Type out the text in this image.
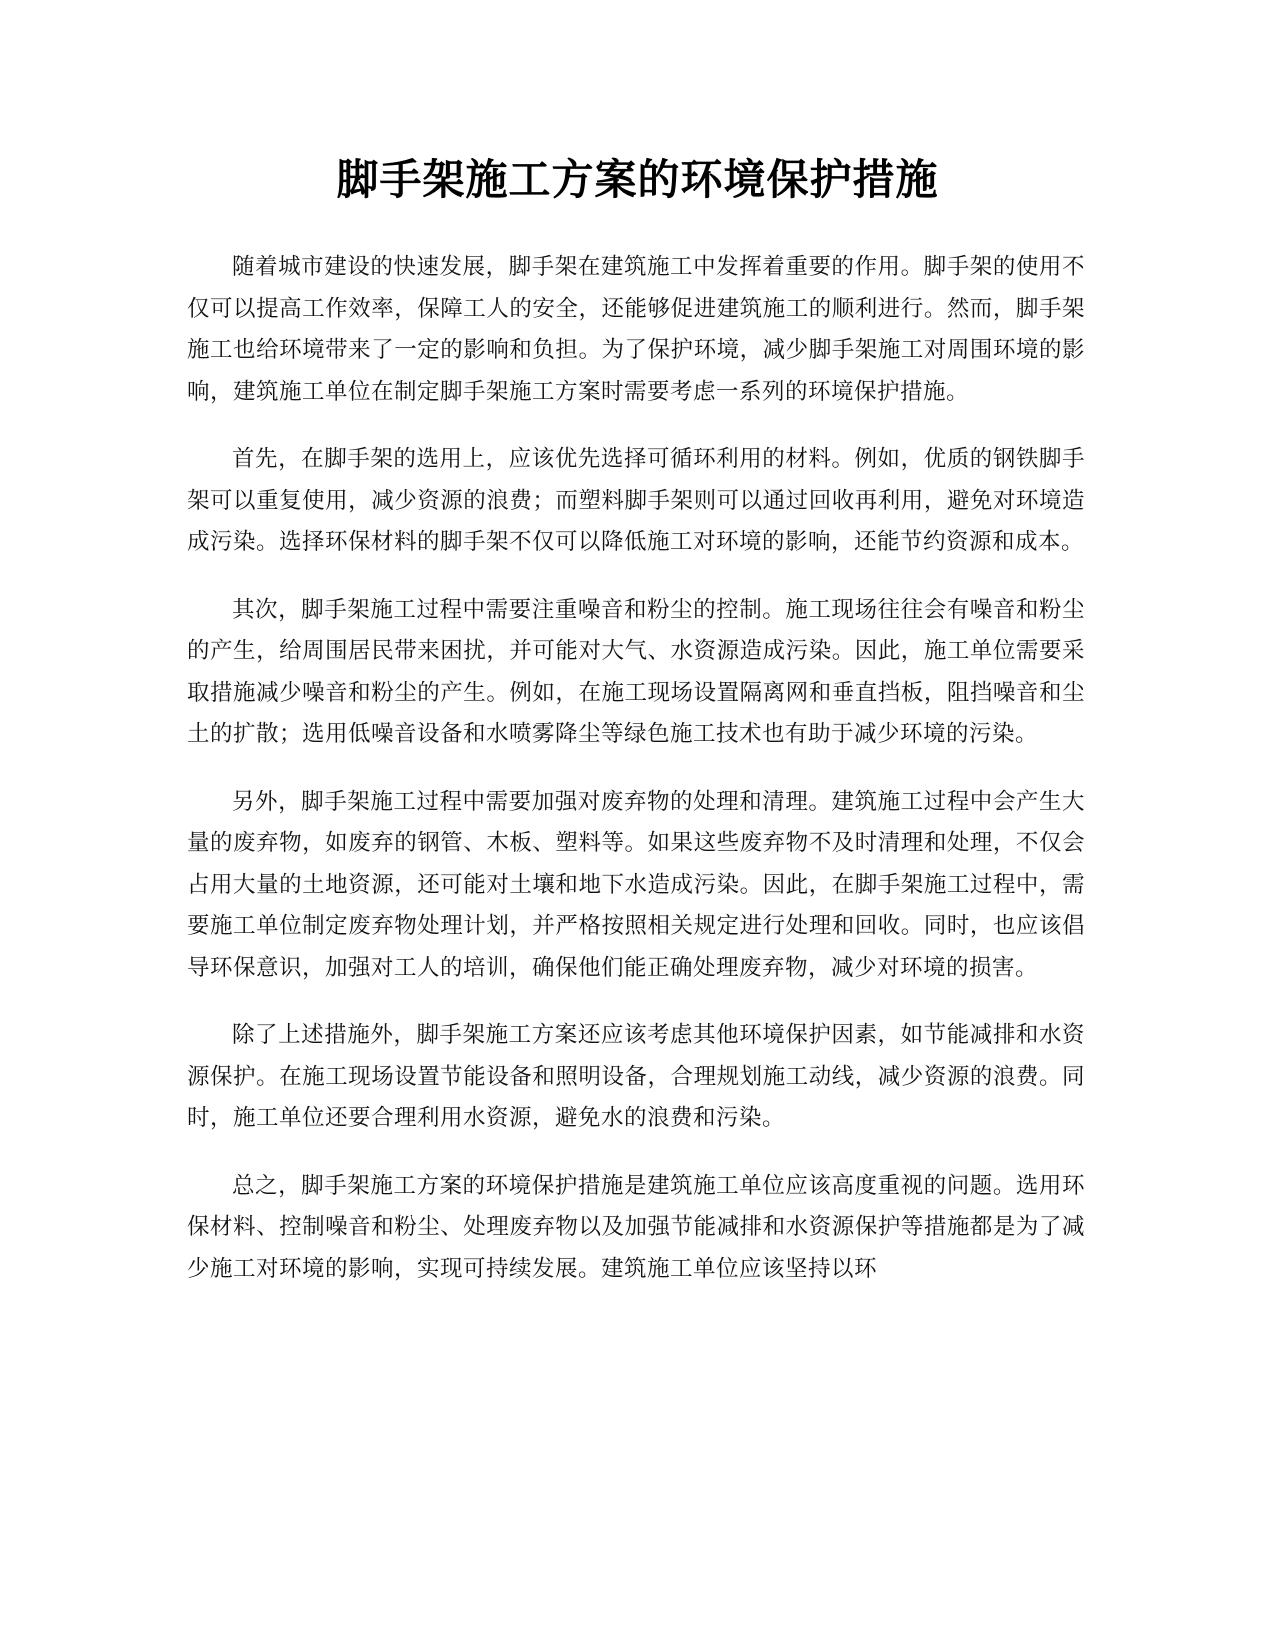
脚手架施工方案的环境保护措施

随着城市建设的快速发展，脚手架在建筑施工中发挥着重要的作用。脚手架的使用不仅可以提高工作效率，保障工人的安全，还能够促进建筑施工的顺利进行。然而，脚手架施工也给环境带来了一定的影响和负担。为了保护环境，减少脚手架施工对周围环境的影响，建筑施工单位在制定脚手架施工方案时需要考虑一系列的环境保护措施。

首先，在脚手架的选用上，应该优先选择可循环利用的材料。例如，优质的钢铁脚手架可以重复使用，减少资源的浪费；而塑料脚手架则可以通过回收再利用，避免对环境造成污染。选择环保材料的脚手架不仅可以降低施工对环境的影响，还能节约资源和成本。

其次，脚手架施工过程中需要注重噪音和粉尘的控制。施工现场往往会有噪音和粉尘的产生，给周围居民带来困扰，并可能对大气、水资源造成污染。因此，施工单位需要采取措施减少噪音和粉尘的产生。例如，在施工现场设置隔离网和垂直挡板，阻挡噪音和尘土的扩散；选用低噪音设备和水喷雾降尘等绿色施工技术也有助于减少环境的污染。

另外，脚手架施工过程中需要加强对废弃物的处理和清理。建筑施工过程中会产生大量的废弃物，如废弃的钢管、木板、塑料等。如果这些废弃物不及时清理和处理，不仅会占用大量的土地资源，还可能对土壤和地下水造成污染。因此，在脚手架施工过程中，需要施工单位制定废弃物处理计划，并严格按照相关规定进行处理和回收。同时，也应该倡导环保意识，加强对工人的培训，确保他们能正确处理废弃物，减少对环境的损害。

除了上述措施外，脚手架施工方案还应该考虑其他环境保护因素，如节能减排和水资源保护。在施工现场设置节能设备和照明设备，合理规划施工动线，减少资源的浪费。同时，施工单位还要合理利用水资源，避免水的浪费和污染。

总之，脚手架施工方案的环境保护措施是建筑施工单位应该高度重视的问题。选用环保材料、控制噪音和粉尘、处理废弃物以及加强节能减排和水资源保护等措施都是为了减少施工对环境的影响，实现可持续发展。建筑施工单位应该坚持以环
